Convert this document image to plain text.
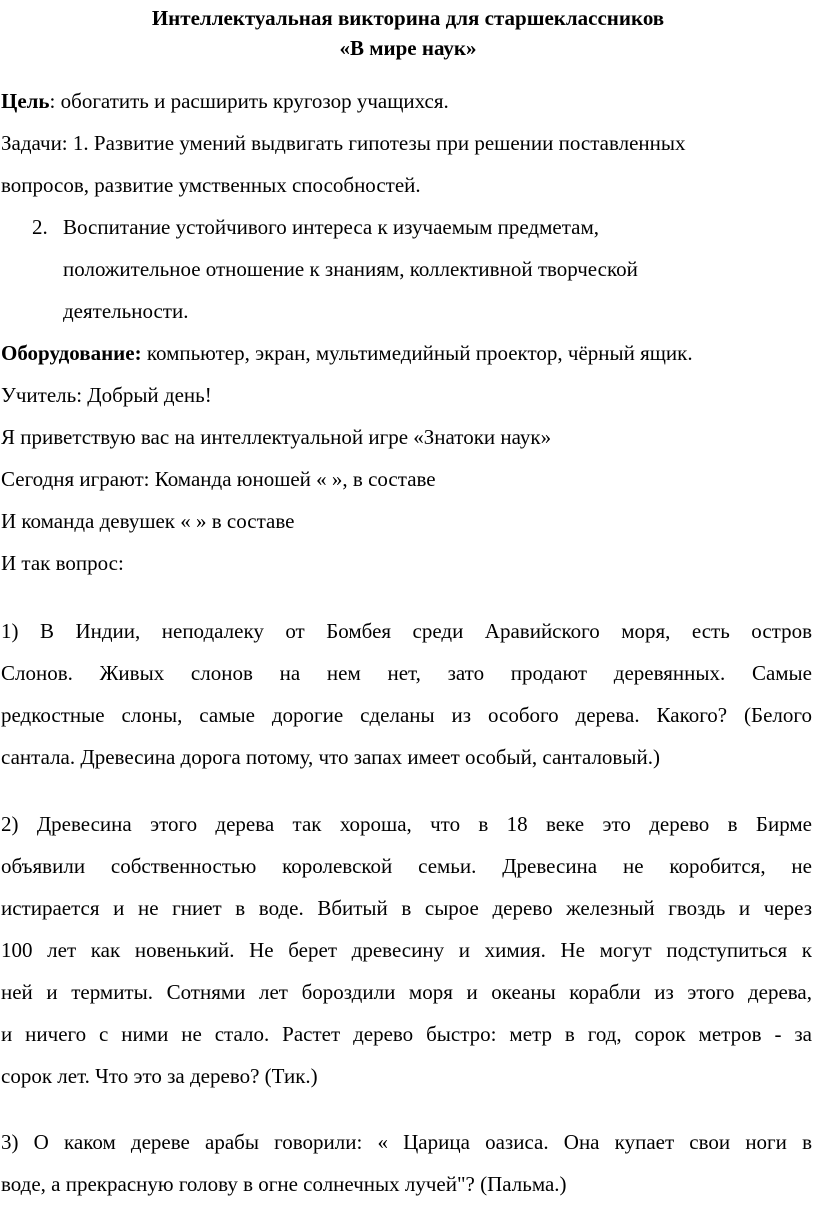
Интеллектуальная викторина для старшеклассников
«В мире наук»
Цель: обогатить и расширить кругозор учащихся.
Задачи: 1. Развитие умений выдвигать гипотезы при решении поставленных
вопросов, развитие умственных способностей.
2. Воспитание устойчивого интереса к изучаемым предметам,
положительное отношение к знаниям, коллективной творческой
деятельности.
Оборудование: компьютер, экран, мультимедийный проектор, чёрный ящик.
Учитель: Добрый день!
Я приветствую вас на интеллектуальной игре «Знатоки наук»
Сегодня играют: Команда юношей « », в составе
И команда девушек « » в составе
И так вопрос:
1) В Индии, неподалеку от Бомбея среди Аравийского моря, есть остров
Слонов. Живых слонов на нем нет, зато продают деревянных. Самые
редкостные слоны, самые дорогие сделаны из особого дерева. Какого? (Белого
сантала. Древесина дорога потому, что запах имеет особый, санталовый.)
2) Древесина этого дерева так хороша, что в 18 веке это дерево в Бирме
объявили собственностью королевской семьи. Древесина не коробится, не
истирается и не гниет в воде. Вбитый в сырое дерево железный гвоздь и через
100 лет как новенький. Не берет древесину и химия. Не могут подступиться к
ней и термиты. Сотнями лет бороздили моря и океаны корабли из этого дерева,
и ничего с ними не стало. Растет дерево быстро: метр в год, сорок метров - за
сорок лет. Что это за дерево? (Тик.)
3) О каком дереве арабы говорили: « Царица оазиса. Она купает свои ноги в
воде, а прекрасную голову в огне солнечных лучей"? (Пальма.)
